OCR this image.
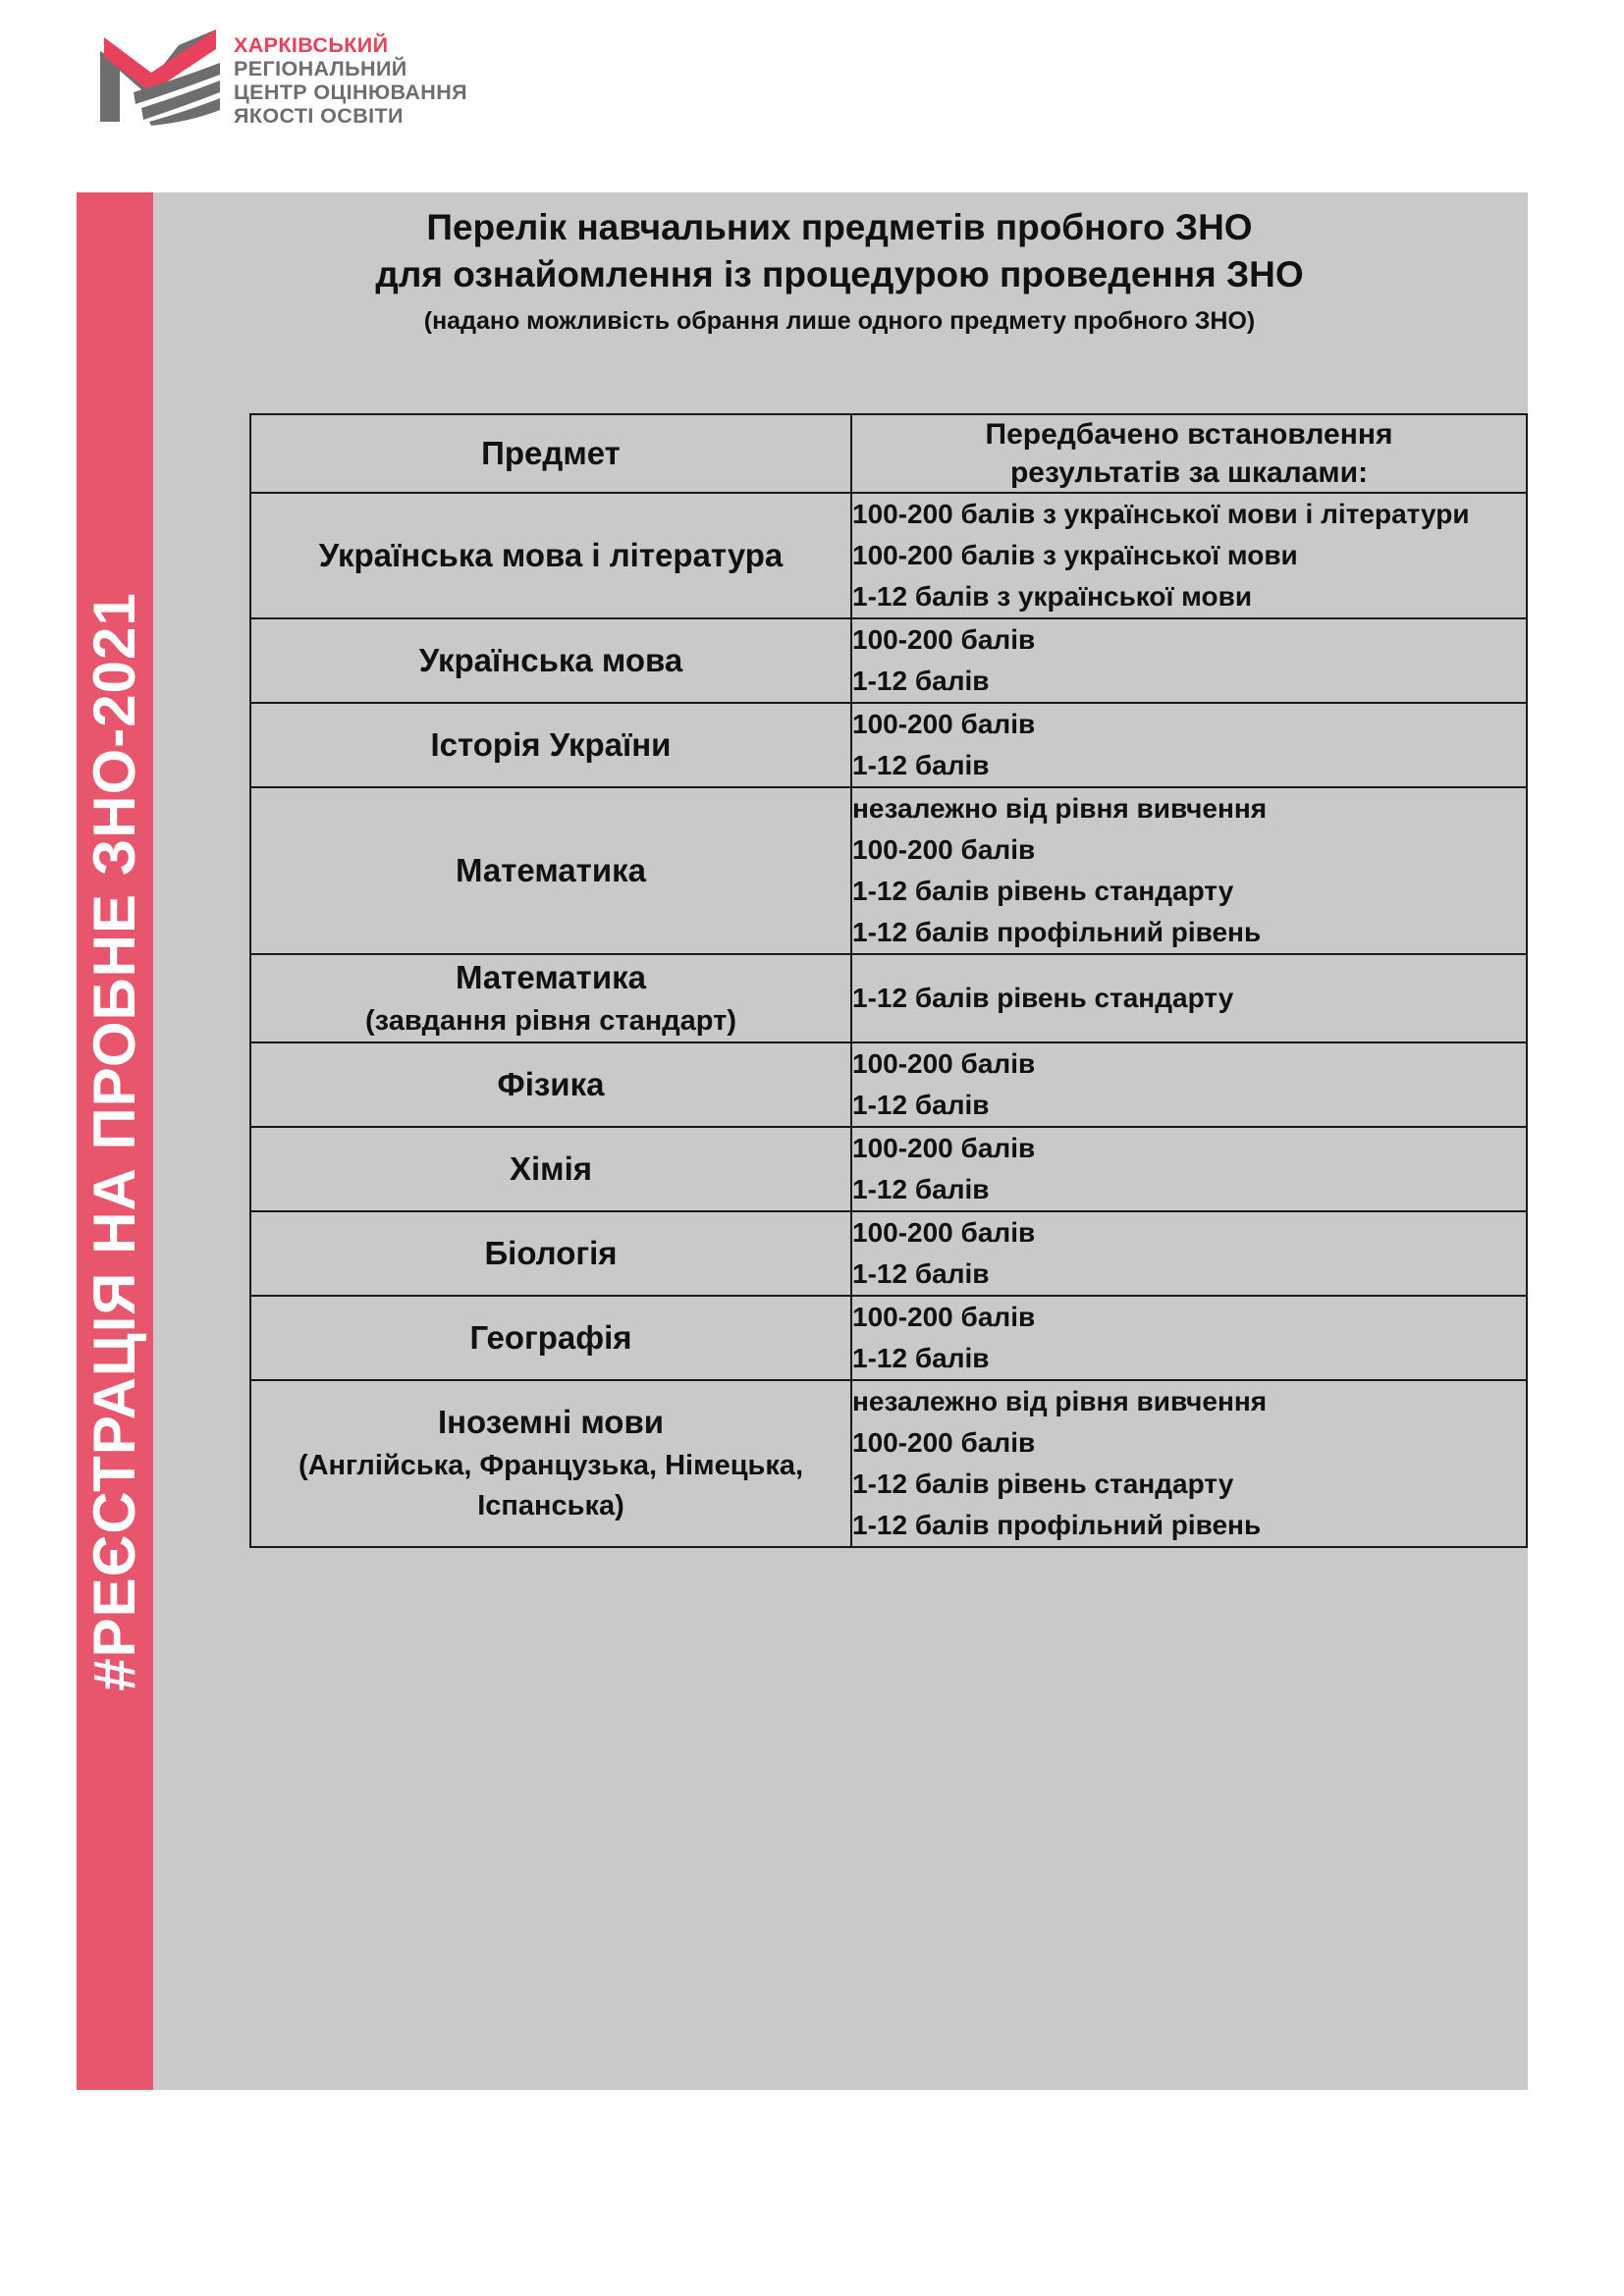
ХАРКІВСЬКИЙ
РЕГІОНАЛЬНИЙ
ЦЕНТР ОЦІНЮВАННЯ
ЯКОСТІ ОСВІТИ
#РЕЄСТРАЦІЯ НА ПРОБНЕ ЗНО-2021
Перелік навчальних предметів пробного ЗНО
для ознайомлення із процедурою проведення ЗНО
(надано можливість обрання лише одного предмету пробного ЗНО)
Предмет	Передбачено встановлення
результатів за шкалами:

Українська мова і література	100-200 балів з української мови і літератури
100-200 балів з української мови
1-12 балів з української мови

Українська мова	100-200 балів
1-12 балів

Історія України	100-200 балів
1-12 балів

Математика	незалежно від рівня вивчення
100-200 балів
1-12 балів рівень стандарту
1-12 балів профільний рівень

Математика
(завдання рівня стандарт)	1-12 балів рівень стандарту

Фізика	100-200 балів
1-12 балів

Хімія	100-200 балів
1-12 балів

Біологія	100-200 балів
1-12 балів

Географія	100-200 балів
1-12 балів

Іноземні мови
(Англійська, Французька, Німецька, Іспанська)	незалежно від рівня вивчення
100-200 балів
1-12 балів рівень стандарту
1-12 балів профільний рівень
